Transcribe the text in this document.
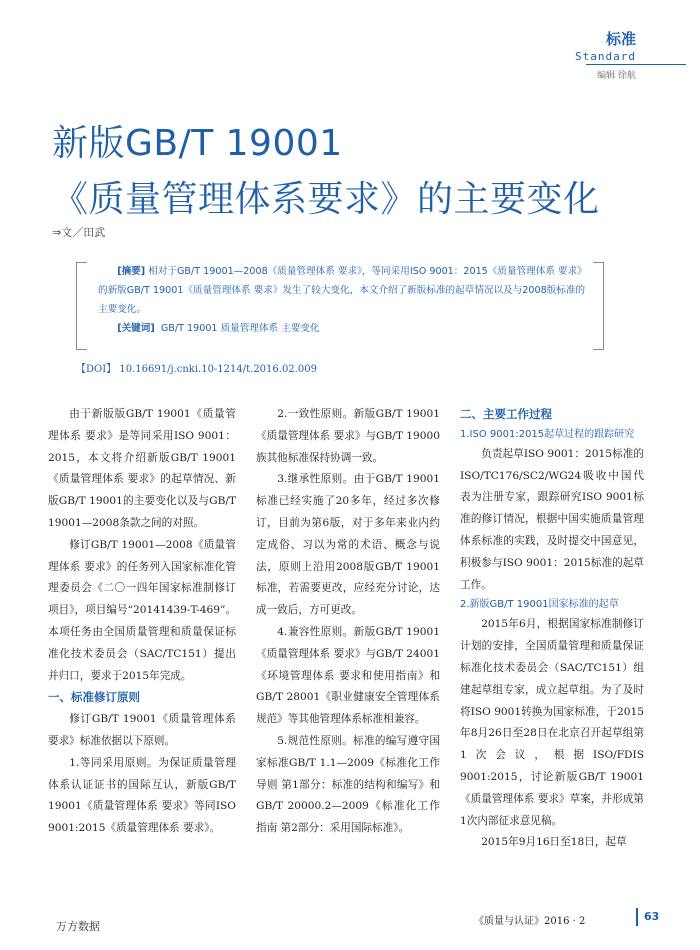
标准
Standard
编辑 徐航
新版GB/T 19001
《质量管理体系要求》的主要变化
⇒文／田武

[摘要] 相对于GB/T 19001—2008《质量管理体系 要求》，等同采用ISO 9001：2015《质量管理体系 要求》的新版GB/T 19001《质量管理体系 要求》发生了较大变化，本文介绍了新版标准的起草情况以及与2008版标准的主要变化。

[关键词] GB/T 19001 质量管理体系 主要变化

【DOI】 10.16691/j.cnki.10-1214/t.2016.02.009

由于新版版GB/T 19001《质量管理体系 要求》是等同采用ISO 9001：2015，本文将介绍新版GB/T 19001《质量管理体系 要求》的起草情况、新版GB/T 19001的主要变化以及与GB/T 19001—2008条款之间的对照。

修订GB/T 19001—2008《质量管理体系 要求》的任务列入国家标准化管理委员会《二〇一四年国家标准制修订项目》，项目编号“20141439-T-469”。本项任务由全国质量管理和质量保证标准化技术委员会（SAC/TC151）提出并归口，要求于2015年完成。

一、标准修订原则

修订GB/T 19001《质量管理体系 要求》标准依据以下原则。

1.等同采用原则。为保证质量管理体系认证证书的国际互认，新版GB/T 19001《质量管理体系 要求》等同ISO 9001:2015《质量管理体系 要求》。

2.一致性原则。新版GB/T 19001《质量管理体系 要求》与GB/T 19000族其他标准保持协调一致。

3.继承性原则。由于GB/T 19001标准已经实施了20多年，经过多次修订，目前为第6版，对于多年来业内约定成俗、习以为常的术语、概念与说法，原则上沿用2008版GB/T 19001标准，若需要更改，应经充分讨论，达成一致后，方可更改。

4.兼容性原则。新版GB/T 19001《质量管理体系 要求》与GB/T 24001《环境管理体系 要求和使用指南》和GB/T 28001《职业健康安全管理体系 规范》等其他管理体系标准相兼容。

5.规范性原则。标准的编写遵守国家标准GB/T 1.1—2009《标准化工作导则 第1部分：标准的结构和编写》和GB/T 20000.2—2009《标准化工作指南 第2部分：采用国际标准》。

二、主要工作过程

1.ISO 9001:2015起草过程的跟踪研究

负责起草ISO 9001：2015标准的ISO/TC176/SC2/WG24吸收中国代表为注册专家，跟踪研究ISO 9001标准的修订情况，根据中国实施质量管理体系标准的实践，及时提交中国意见，积极参与ISO 9001：2015标准的起草工作。

2.新版GB/T 19001国家标准的起草

2015年6月，根据国家标准制修订计划的安排，全国质量管理和质量保证标准化技术委员会（SAC/TC151）组建起草组专家，成立起草组。为了及时将ISO 9001转换为国家标准，于2015年8月26日至28日在北京召开起草组第1次会议，根据ISO/FDIS 9001:2015，讨论新版GB/T 19001《质量管理体系 要求》草案，并形成第1次内部征求意见稿。

2015年9月16日至18日，起草

万方数据	《质量与认证》2016 · 2	63
